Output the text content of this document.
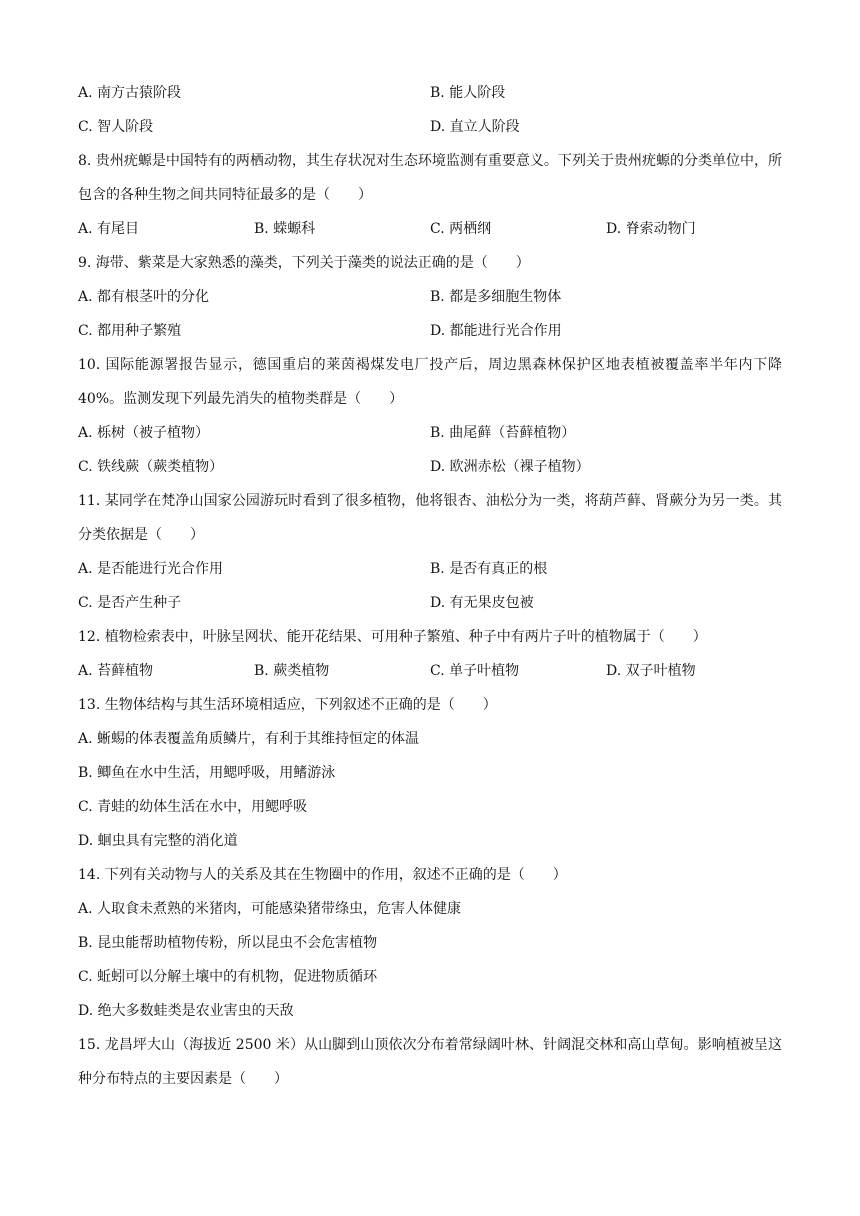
A. 南方古猿阶段	B. 能人阶段
C. 智人阶段	D. 直立人阶段
8. 贵州疣螈是中国特有的两栖动物，其生存状况对生态环境监测有重要意义。下列关于贵州疣螈的分类单位中，所包含的各种生物之间共同特征最多的是（　　）
A. 有尾目	B. 蝾螈科	C. 两栖纲	D. 脊索动物门
9. 海带、紫菜是大家熟悉的藻类，下列关于藻类的说法正确的是（　　）
A. 都有根茎叶的分化	B. 都是多细胞生物体
C. 都用种子繁殖	D. 都能进行光合作用
10. 国际能源署报告显示，德国重启的莱茵褐煤发电厂投产后，周边黑森林保护区地表植被覆盖率半年内下降 40%。监测发现下列最先消失的植物类群是（　　）
A. 栎树（被子植物）	B. 曲尾藓（苔藓植物）
C. 铁线蕨（蕨类植物）	D. 欧洲赤松（裸子植物）
11. 某同学在梵净山国家公园游玩时看到了很多植物，他将银杏、油松分为一类，将葫芦藓、肾蕨分为另一类。其分类依据是（　　）
A. 是否能进行光合作用	B. 是否有真正的根
C. 是否产生种子	D. 有无果皮包被
12. 植物检索表中，叶脉呈网状、能开花结果、可用种子繁殖、种子中有两片子叶的植物属于（　　）
A. 苔藓植物	B. 蕨类植物	C. 单子叶植物	D. 双子叶植物
13. 生物体结构与其生活环境相适应，下列叙述不正确的是（　　）
A. 蜥蜴的体表覆盖角质鳞片，有利于其维持恒定的体温
B. 鲫鱼在水中生活，用鳃呼吸，用鳍游泳
C. 青蛙的幼体生活在水中，用鳃呼吸
D. 蛔虫具有完整的消化道
14. 下列有关动物与人的关系及其在生物圈中的作用，叙述不正确的是（　　）
A. 人取食未煮熟的米猪肉，可能感染猪带绦虫，危害人体健康
B. 昆虫能帮助植物传粉，所以昆虫不会危害植物
C. 蚯蚓可以分解土壤中的有机物，促进物质循环
D. 绝大多数蛙类是农业害虫的天敌
15. 龙昌坪大山（海拔近 2500 米）从山脚到山顶依次分布着常绿阔叶林、针阔混交林和高山草甸。影响植被呈这种分布特点的主要因素是（　　）
